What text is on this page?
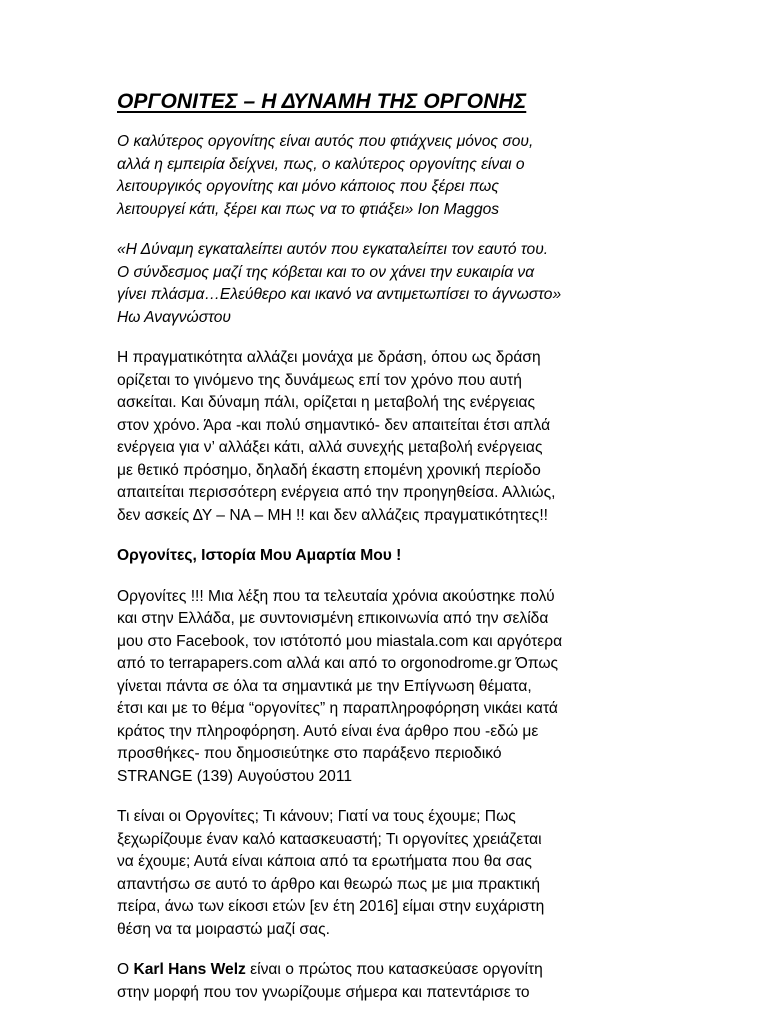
ΟΡΓΟΝΙΤΕΣ – Η ΔΥΝΑΜΗ ΤΗΣ ΟΡΓΟΝΗΣ

Ο καλύτερος οργονίτης είναι αυτός που φτιάχνεις μόνος σου,
αλλά η εμπειρία δείχνει, πως, ο καλύτερος οργονίτης είναι ο
λειτουργικός οργονίτης και μόνο κάποιος που ξέρει πως
λειτουργεί κάτι, ξέρει και πως να το φτιάξει» Ion Maggos

«Η Δύναμη εγκαταλείπει αυτόν που εγκαταλείπει τον εαυτό του.
Ο σύνδεσμος μαζί της κόβεται και το ον χάνει την ευκαιρία να
γίνει πλάσμα…Ελεύθερο και ικανό να αντιμετωπίσει το άγνωστο»
Ηω Αναγνώστου

Η πραγματικότητα αλλάζει μονάχα με δράση, όπου ως δράση
ορίζεται το γινόμενο της δυνάμεως επί τον χρόνο που αυτή
ασκείται. Και δύναμη πάλι, ορίζεται η μεταβολή της ενέργειας
στον χρόνο. Άρα -και πολύ σημαντικό- δεν απαιτείται έτσι απλά
ενέργεια για ν’ αλλάξει κάτι, αλλά συνεχής μεταβολή ενέργειας
με θετικό πρόσημο, δηλαδή έκαστη επομένη χρονική περίοδο
απαιτείται περισσότερη ενέργεια από την προηγηθείσα. Αλλιώς,
δεν ασκείς ΔΥ – ΝΑ – ΜΗ !! και δεν αλλάζεις πραγματικότητες!!

Οργονίτες, Ιστορία Μου Αμαρτία Μου !

Οργονίτες !!! Μια λέξη που τα τελευταία χρόνια ακούστηκε πολύ
και στην Ελλάδα, με συντονισμένη επικοινωνία από την σελίδα
μου στο Facebook, τον ιστότοπό μου miastala.com και αργότερα
από το terrapapers.com αλλά και από το orgonodrome.gr Όπως
γίνεται πάντα σε όλα τα σημαντικά με την Επίγνωση θέματα,
έτσι και με το θέμα “οργονίτες” η παραπληροφόρηση νικάει κατά
κράτος την πληροφόρηση. Αυτό είναι ένα άρθρο που -εδώ με
προσθήκες- που δημοσιεύτηκε στο παράξενο περιοδικό
STRANGE (139) Αυγούστου 2011

Τι είναι οι Οργονίτες; Τι κάνουν; Γιατί να τους έχουμε; Πως
ξεχωρίζουμε έναν καλό κατασκευαστή; Τι οργονίτες χρειάζεται
να έχουμε; Αυτά είναι κάποια από τα ερωτήματα που θα σας
απαντήσω σε αυτό το άρθρο και θεωρώ πως με μια πρακτική
πείρα, άνω των είκοσι ετών [εν έτη 2016] είμαι στην ευχάριστη
θέση να τα μοιραστώ μαζί σας.

Ο Karl Hans Welz είναι ο πρώτος που κατασκεύασε οργονίτη
στην μορφή που τον γνωρίζουμε σήμερα και πατεντάρισε το
